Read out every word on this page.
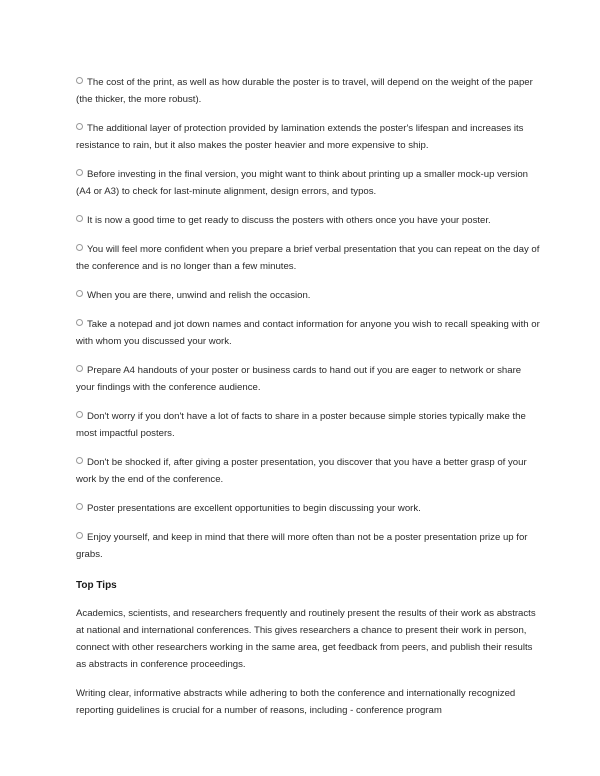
The cost of the print, as well as how durable the poster is to travel, will depend on the weight of the paper (the thicker, the more robust).
The additional layer of protection provided by lamination extends the poster's lifespan and increases its resistance to rain, but it also makes the poster heavier and more expensive to ship.
Before investing in the final version, you might want to think about printing up a smaller mock-up version (A4 or A3) to check for last-minute alignment, design errors, and typos.
It is now a good time to get ready to discuss the posters with others once you have your poster.
You will feel more confident when you prepare a brief verbal presentation that you can repeat on the day of the conference and is no longer than a few minutes.
When you are there, unwind and relish the occasion.
Take a notepad and jot down names and contact information for anyone you wish to recall speaking with or with whom you discussed your work.
Prepare A4 handouts of your poster or business cards to hand out if you are eager to network or share your findings with the conference audience.
Don't worry if you don't have a lot of facts to share in a poster because simple stories typically make the most impactful posters.
Don't be shocked if, after giving a poster presentation, you discover that you have a better grasp of your work by the end of the conference.
Poster presentations are excellent opportunities to begin discussing your work.
Enjoy yourself, and keep in mind that there will more often than not be a poster presentation prize up for grabs.
Top Tips

Academics, scientists, and researchers frequently and routinely present the results of their work as abstracts at national and international conferences. This gives researchers a chance to present their work in person, connect with other researchers working in the same area, get feedback from peers, and publish their results as abstracts in conference proceedings.

Writing clear, informative abstracts while adhering to both the conference and internationally recognized reporting guidelines is crucial for a number of reasons, including - conference program
